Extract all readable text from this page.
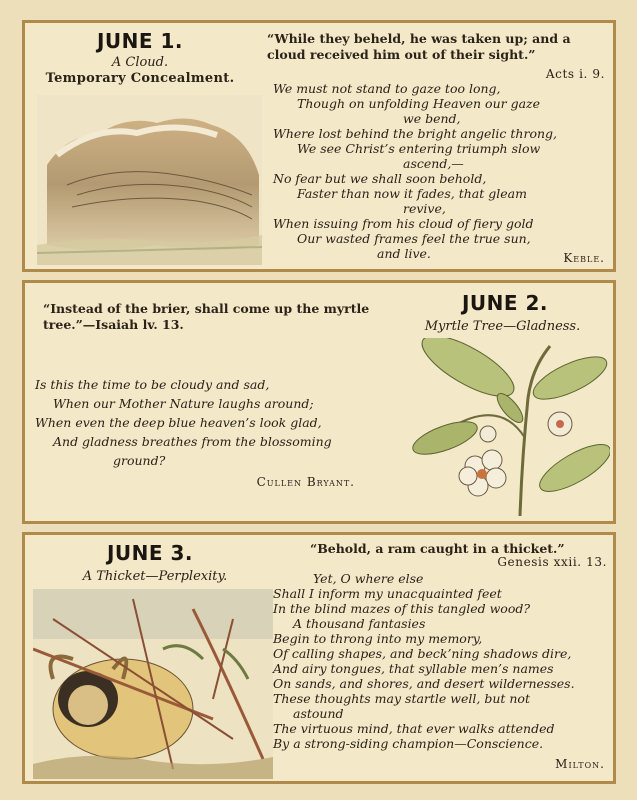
JUNE 1.
A Cloud.
Temporary Concealment.
“While they beheld, he was taken up; and a cloud received him out of their sight.”
Acts i. 9.
We must not stand to gaze too long,
Though on unfolding Heaven our gaze
we bend,
Where lost behind the bright angelic throng,
We see Christ’s entering triumph slow
ascend,—
No fear but we shall soon behold,
Faster than now it fades, that gleam
revive,
When issuing from his cloud of fiery gold
Our wasted frames feel the true sun,
and live.	Keble.
“Instead of the brier, shall come up the myrtle tree.”—Isaiah lv. 13.
Is this the time to be cloudy and sad,
When our Mother Nature laughs around;
When even the deep blue heaven’s look glad,
And gladness breathes from the blossoming
ground?
Cullen Bryant.
JUNE 2.
Myrtle Tree—Gladness.
JUNE 3.
A Thicket—Perplexity.
“Behold, a ram caught in a thicket.”
Genesis xxii. 13.
Yet, O where else
Shall I inform my unacquainted feet
In the blind mazes of this tangled wood?
A thousand fantasies
Begin to throng into my memory,
Of calling shapes, and beck’ning shadows dire,
And airy tongues, that syllable men’s names
On sands, and shores, and desert wildernesses.
These thoughts may startle well, but not
astound
The virtuous mind, that ever walks attended
By a strong-siding champion—Conscience.
Milton.
